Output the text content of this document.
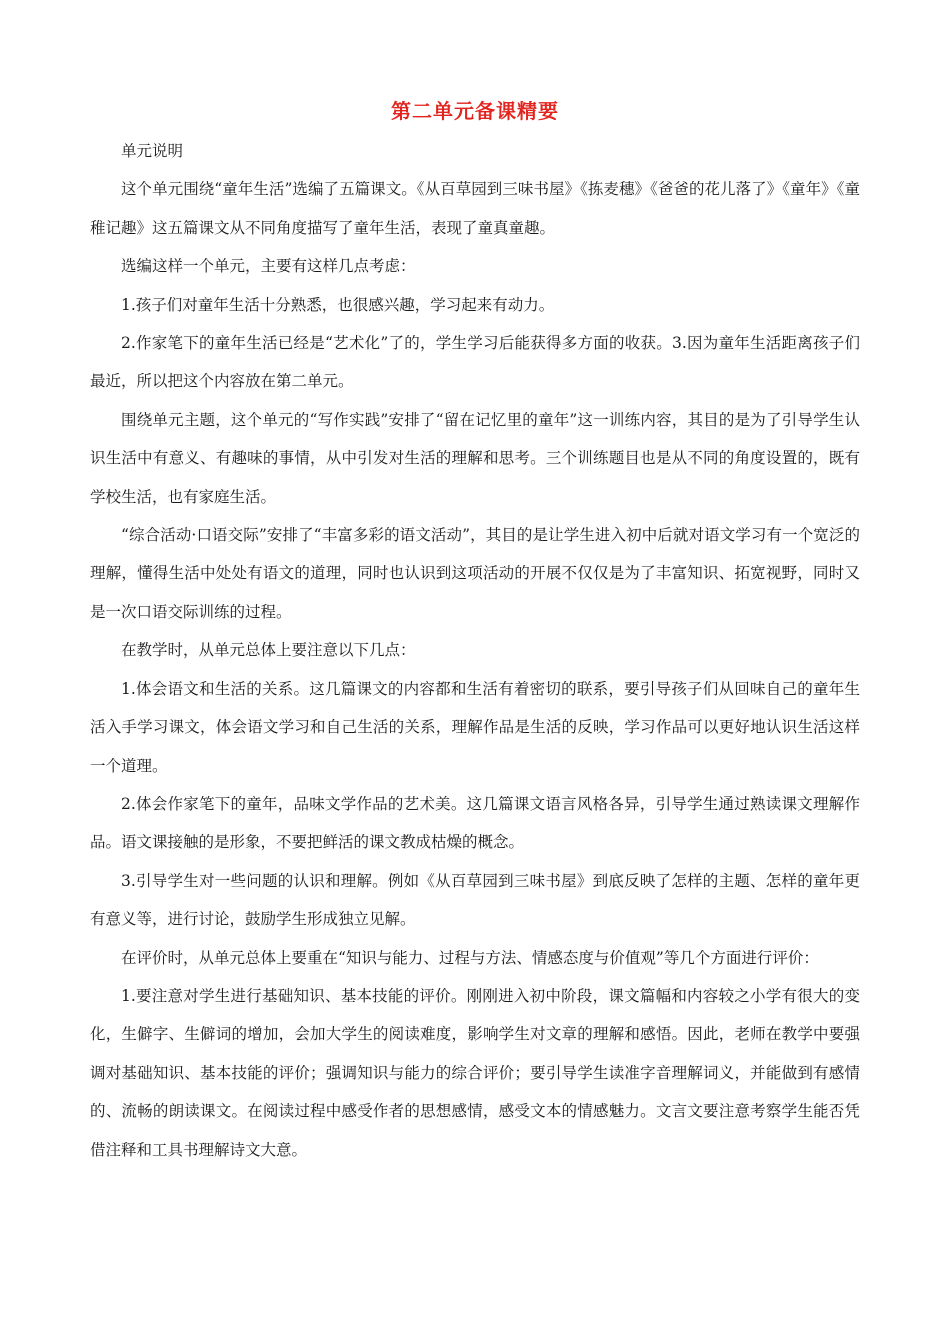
第二单元备课精要

单元说明

这个单元围绕“童年生活”选编了五篇课文。《从百草园到三味书屋》《拣麦穗》《爸爸的花儿落了》《童年》《童稚记趣》这五篇课文从不同角度描写了童年生活，表现了童真童趣。

选编这样一个单元，主要有这样几点考虑：

1.孩子们对童年生活十分熟悉，也很感兴趣，学习起来有动力。

2.作家笔下的童年生活已经是“艺术化”了的，学生学习后能获得多方面的收获。3.因为童年生活距离孩子们最近，所以把这个内容放在第二单元。

围绕单元主题，这个单元的“写作实践”安排了“留在记忆里的童年”这一训练内容，其目的是为了引导学生认识生活中有意义、有趣味的事情，从中引发对生活的理解和思考。三个训练题目也是从不同的角度设置的，既有学校生活，也有家庭生活。

“综合活动·口语交际”安排了“丰富多彩的语文活动”，其目的是让学生进入初中后就对语文学习有一个宽泛的理解，懂得生活中处处有语文的道理，同时也认识到这项活动的开展不仅仅是为了丰富知识、拓宽视野，同时又是一次口语交际训练的过程。

在教学时，从单元总体上要注意以下几点：

1.体会语文和生活的关系。这几篇课文的内容都和生活有着密切的联系，要引导孩子们从回味自己的童年生活入手学习课文，体会语文学习和自己生活的关系，理解作品是生活的反映，学习作品可以更好地认识生活这样一个道理。

2.体会作家笔下的童年，品味文学作品的艺术美。这几篇课文语言风格各异，引导学生通过熟读课文理解作品。语文课接触的是形象，不要把鲜活的课文教成枯燥的概念。

3.引导学生对一些问题的认识和理解。例如《从百草园到三味书屋》到底反映了怎样的主题、怎样的童年更有意义等，进行讨论，鼓励学生形成独立见解。

在评价时，从单元总体上要重在“知识与能力、过程与方法、情感态度与价值观”等几个方面进行评价：

1.要注意对学生进行基础知识、基本技能的评价。刚刚进入初中阶段，课文篇幅和内容较之小学有很大的变化，生僻字、生僻词的增加，会加大学生的阅读难度，影响学生对文章的理解和感悟。因此，老师在教学中要强调对基础知识、基本技能的评价；强调知识与能力的综合评价；要引导学生读准字音理解词义，并能做到有感情的、流畅的朗读课文。在阅读过程中感受作者的思想感情，感受文本的情感魅力。文言文要注意考察学生能否凭借注释和工具书理解诗文大意。
